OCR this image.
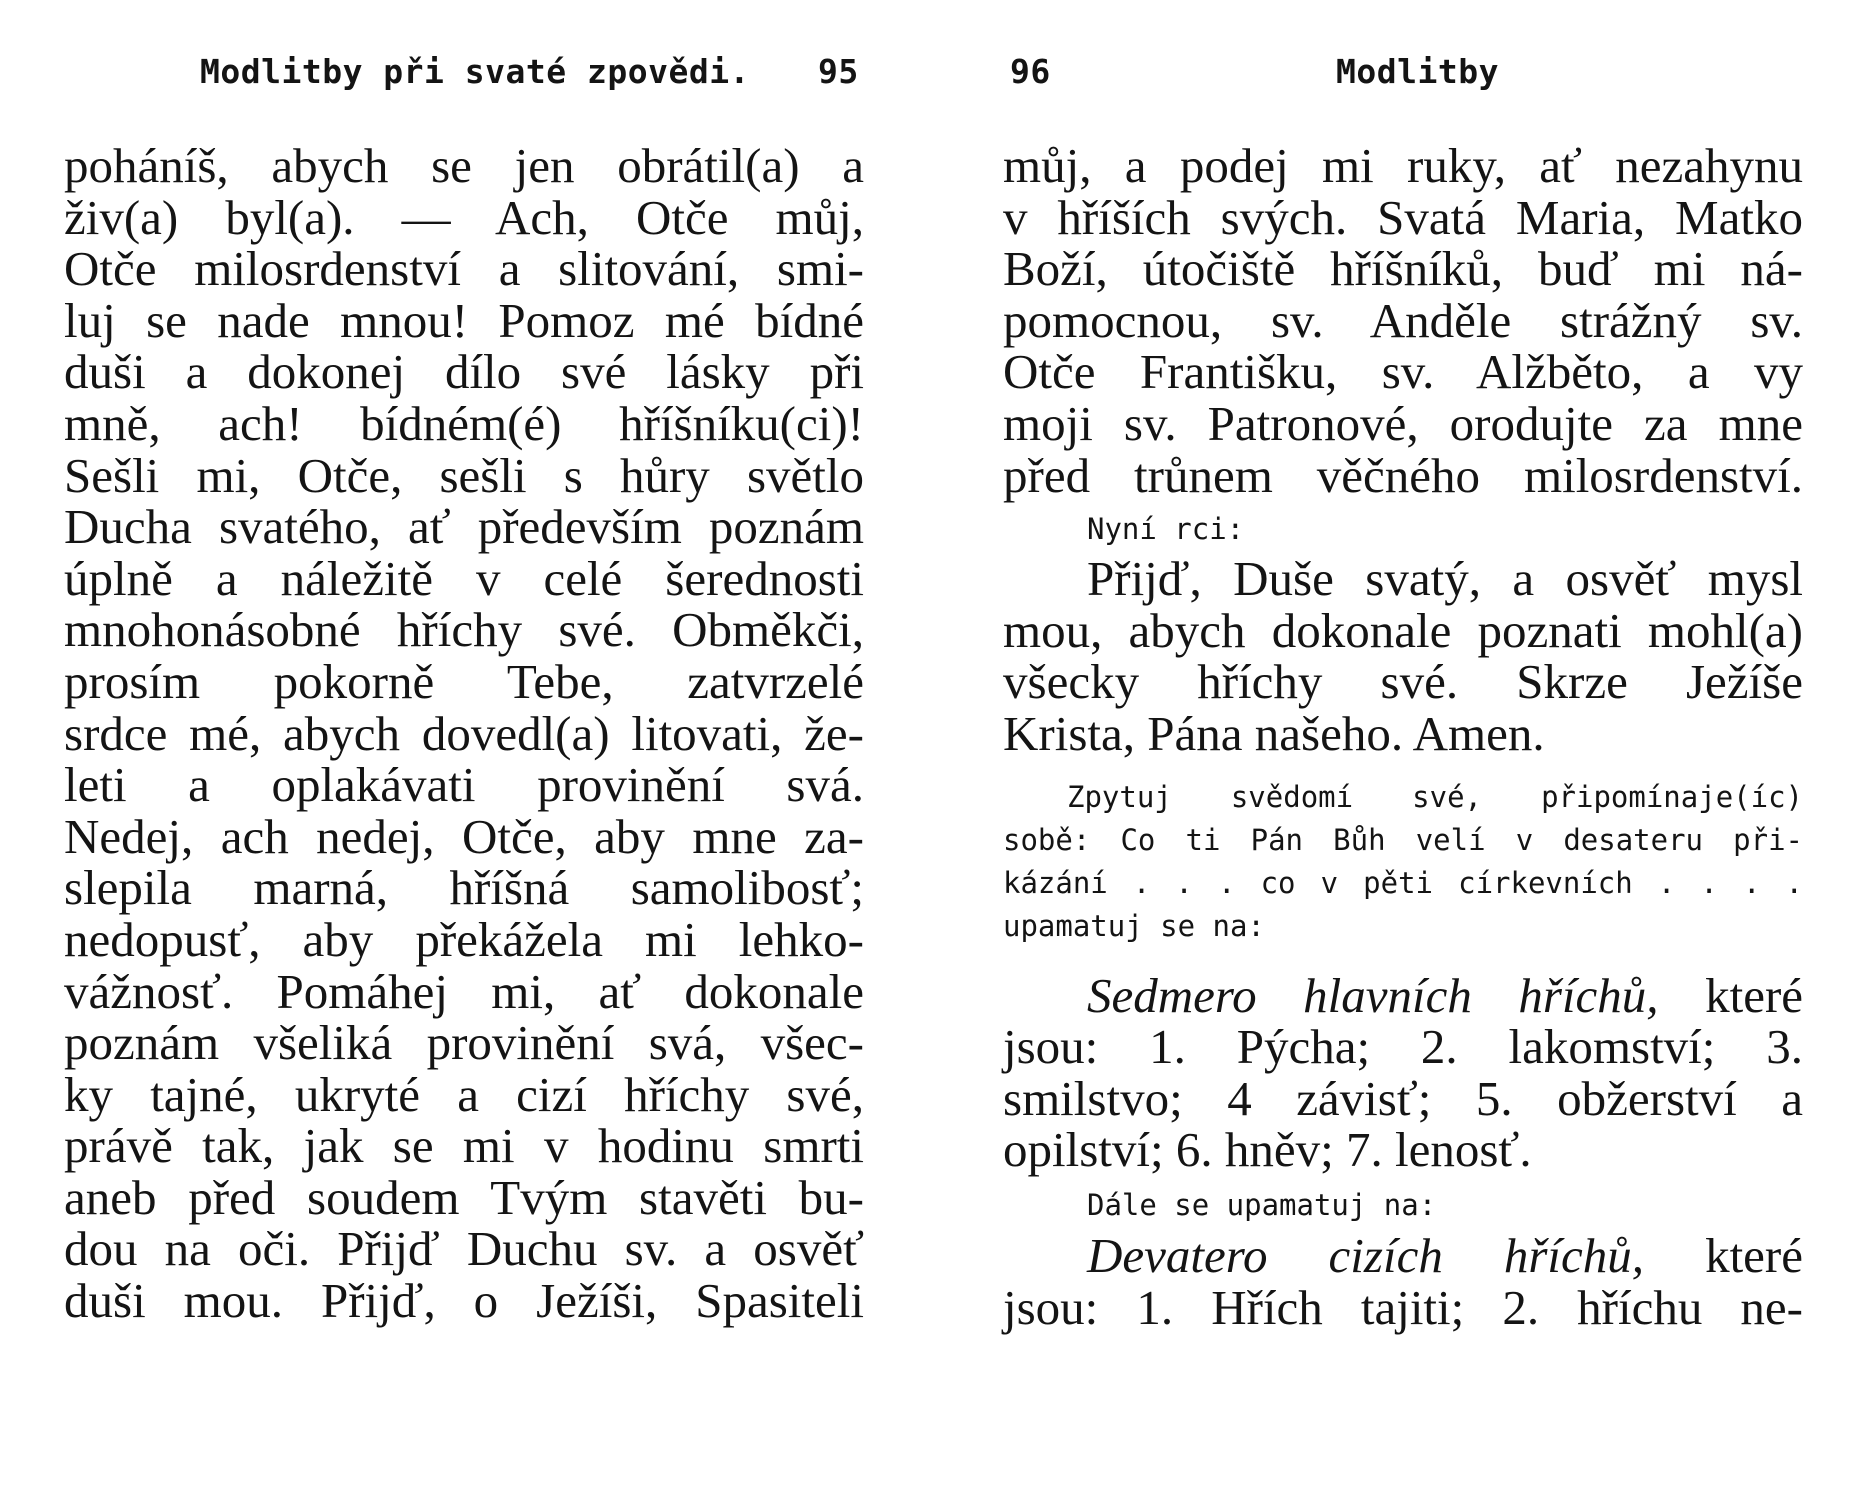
Modlitby při svaté zpovědi. 95
poháníš, abych se jen obrátil(a) a
živ(a) byl(a). — Ach, Otče můj,
Otče milosrdenství a slitování, smi-
luj se nade mnou! Pomoz mé bídné
duši a dokonej dílo své lásky při
mně, ach! bídném(é) hříšníku(ci)!
Sešli mi, Otče, sešli s hůry světlo
Ducha svatého, ať především poznám
úplně a náležitě v celé šerednosti
mnohonásobné hříchy své. Obměkči,
prosím pokorně Tebe, zatvrzelé
srdce mé, abych dovedl(a) litovati, že-
leti a oplakávati provinění svá.
Nedej, ach nedej, Otče, aby mne za-
slepila marná, hříšná samolibosť;
nedopusť, aby překážela mi lehko-
vážnosť. Pomáhej mi, ať dokonale
poznám všeliká provinění svá, všec-
ky tajné, ukryté a cizí hříchy své,
právě tak, jak se mi v hodinu smrti
aneb před soudem Tvým stavěti bu-
dou na oči. Přijď Duchu sv. a osvěť
duši mou. Přijď, o Ježíši, Spasiteli
96	Modlitby
můj, a podej mi ruky, ať nezahynu
v hříších svých. Svatá Maria, Matko
Boží, útočiště hříšníků, buď mi ná-
pomocnou, sv. Anděle strážný sv.
Otče Františku, sv. Alžběto, a vy
moji sv. Patronové, orodujte za mne
před trůnem věčného milosrdenství.
Nyní rci:
Přijď, Duše svatý, a osvěť mysl
mou, abych dokonale poznati mohl(a)
všecky hříchy své. Skrze Ježíše
Krista, Pána našeho. Amen.
Zpytuj svědomí své, připomínaje(íc)
sobě: Co ti Pán Bůh velí v desateru při-
kázání . . . co v pěti církevních . . . .
upamatuj se na:
Sedmero hlavních hříchů, které
jsou: 1. Pýcha; 2. lakomství; 3.
smilstvo; 4 závisť; 5. obžerství a
opilství; 6. hněv; 7. lenosť.
Dále se upamatuj na:
Devatero cizích hříchů, které
jsou: 1. Hřích tajiti; 2. hříchu ne-
